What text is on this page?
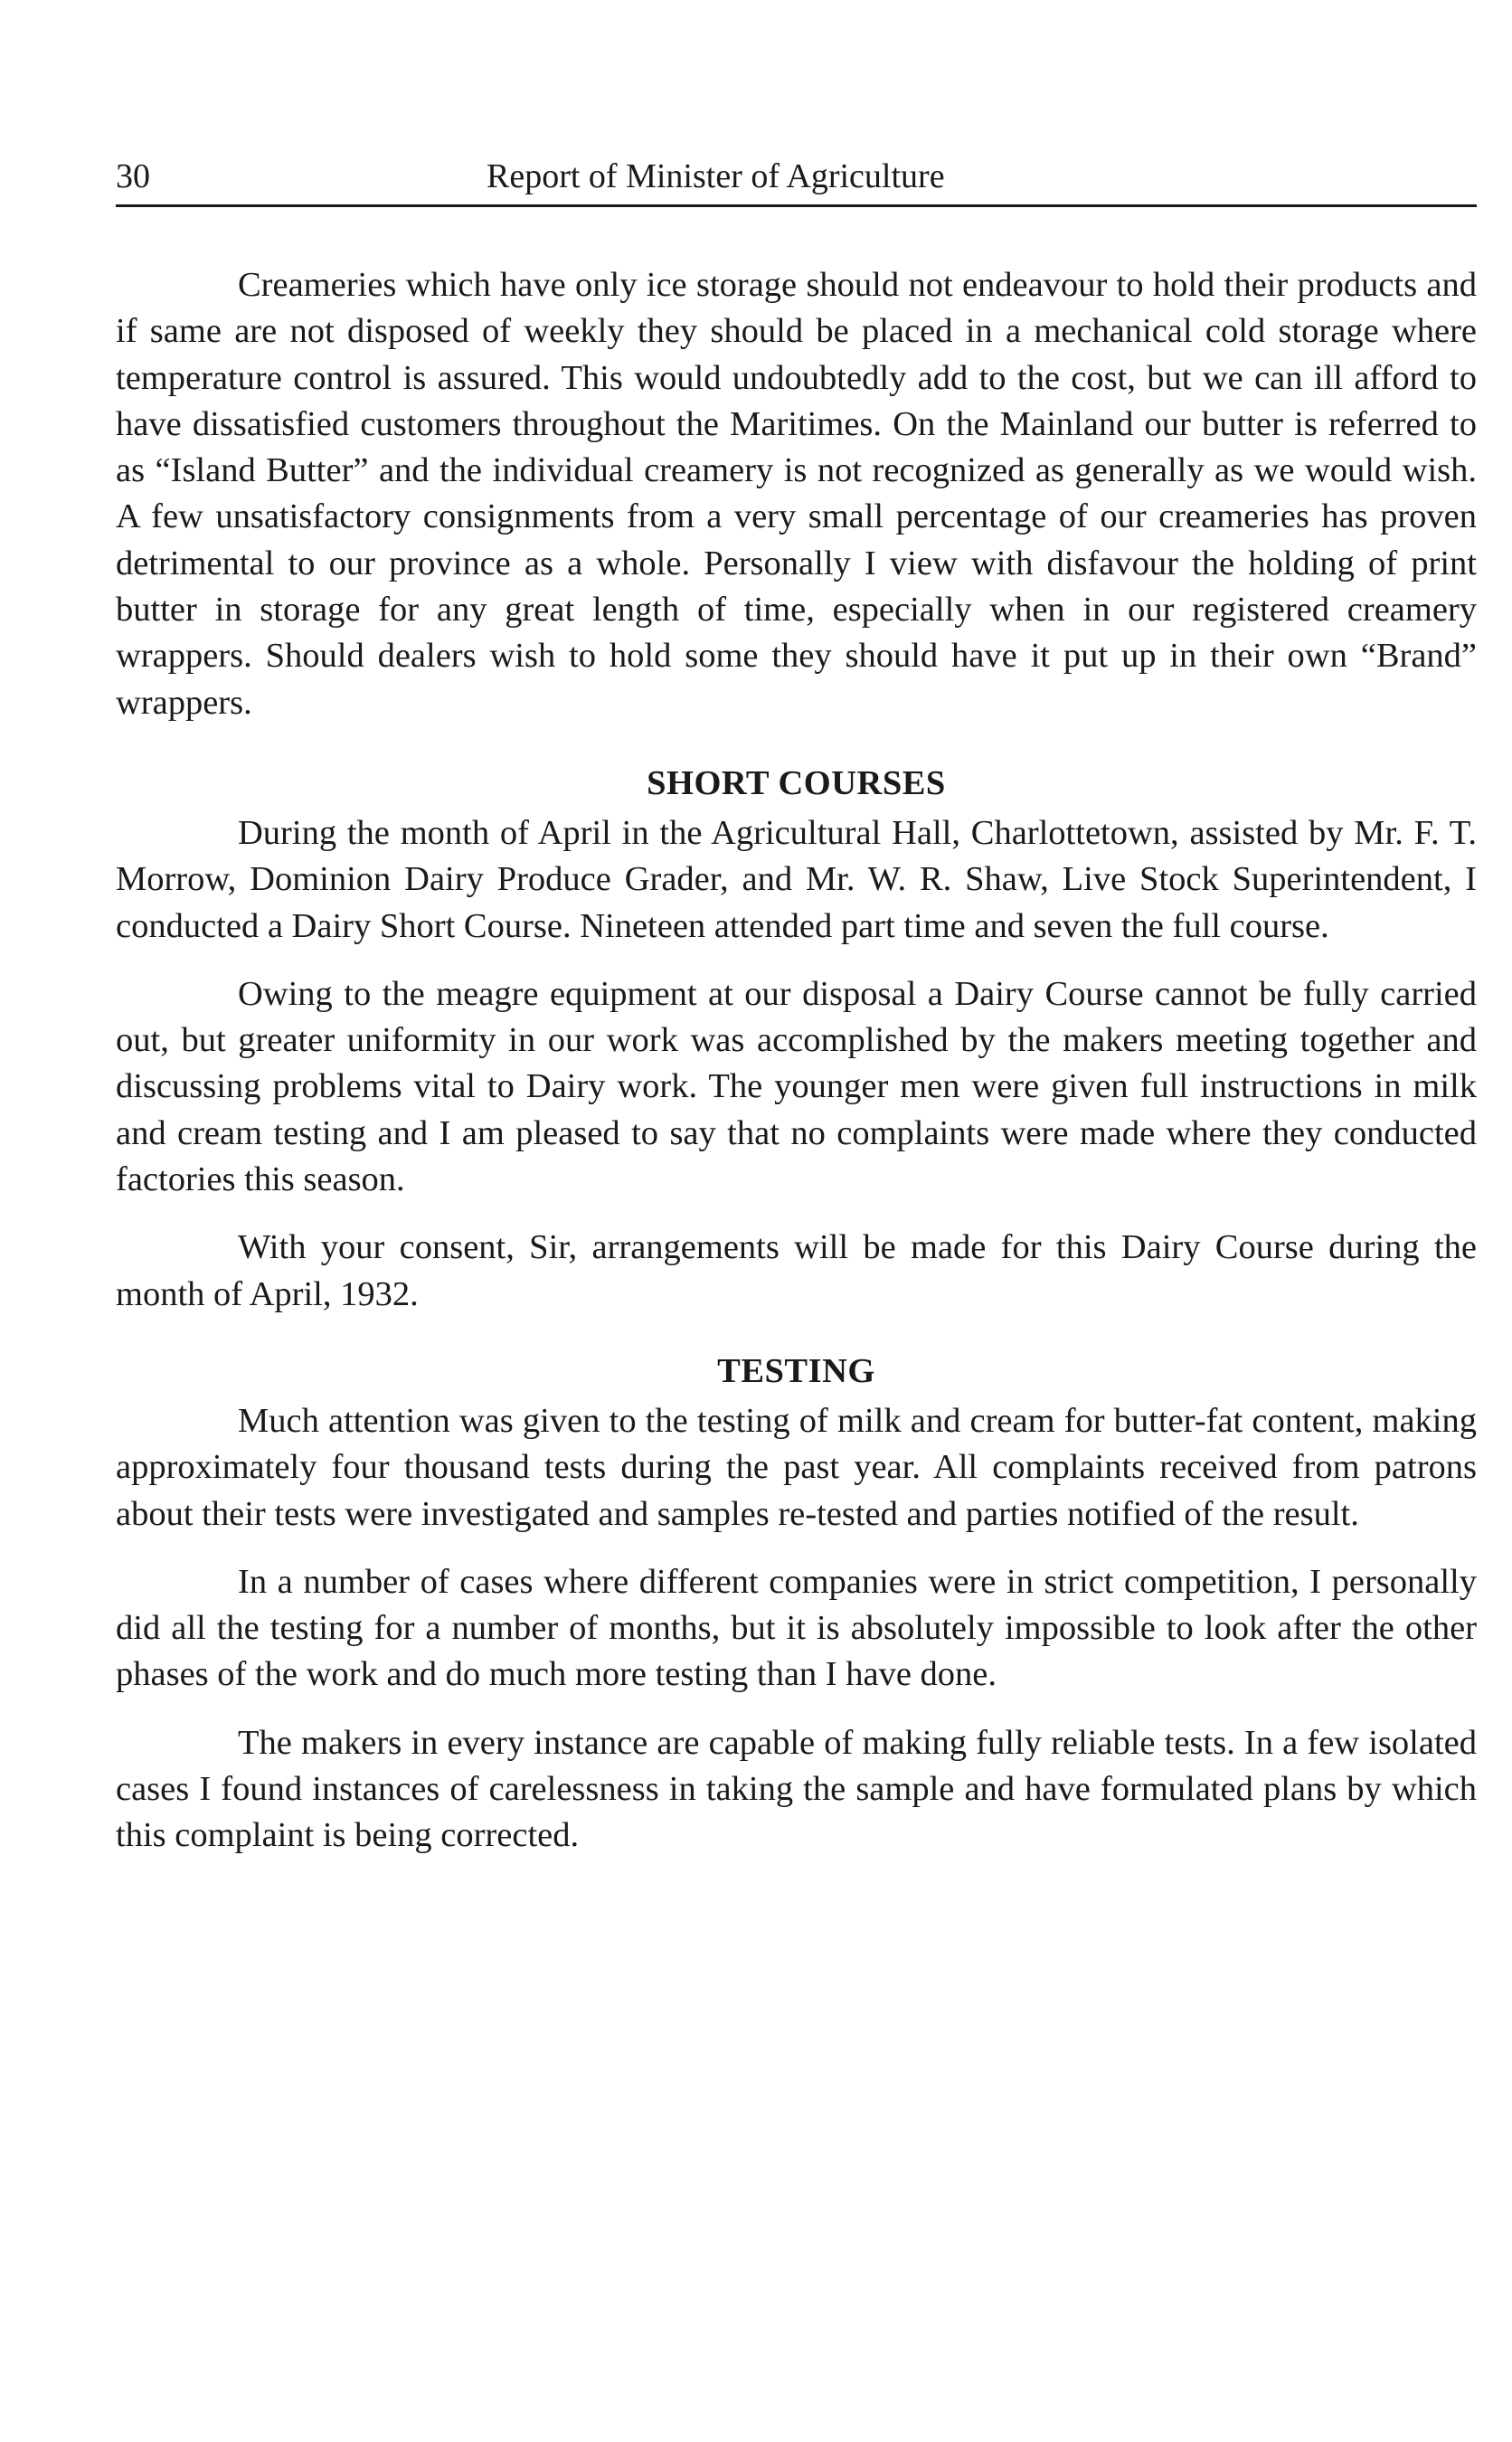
30	Report of Minister of Agriculture

Creameries which have only ice storage should not endeavour to hold their products and if same are not disposed of weekly they should be placed in a mechanical cold storage where temperature control is assured. This would undoubtedly add to the cost, but we can ill afford to have dissatisfied customers throughout the Maritimes. On the Mainland our butter is referred to as “Island Butter” and the individual creamery is not recognized as generally as we would wish. A few unsatisfactory consignments from a very small percentage of our creameries has proven detrimental to our province as a whole. Personally I view with disfavour the holding of print butter in storage for any great length of time, especially when in our registered creamery wrappers. Should dealers wish to hold some they should have it put up in their own “Brand” wrappers.

SHORT COURSES

During the month of April in the Agricultural Hall, Charlottetown, assisted by Mr. F. T. Morrow, Dominion Dairy Produce Grader, and Mr. W. R. Shaw, Live Stock Superintendent, I conducted a Dairy Short Course. Nineteen attended part time and seven the full course.

Owing to the meagre equipment at our disposal a Dairy Course cannot be fully carried out, but greater uniformity in our work was accomplished by the makers meeting together and discussing problems vital to Dairy work. The younger men were given full instructions in milk and cream testing and I am pleased to say that no complaints were made where they conducted factories this season.

With your consent, Sir, arrangements will be made for this Dairy Course during the month of April, 1932.

TESTING

Much attention was given to the testing of milk and cream for butter-fat content, making approximately four thousand tests during the past year. All complaints received from patrons about their tests were investigated and samples re-tested and parties notified of the result.

In a number of cases where different companies were in strict competition, I personally did all the testing for a number of months, but it is absolutely impossible to look after the other phases of the work and do much more testing than I have done.

The makers in every instance are capable of making fully reliable tests. In a few isolated cases I found instances of carelessness in taking the sample and have formulated plans by which this complaint is being corrected.
